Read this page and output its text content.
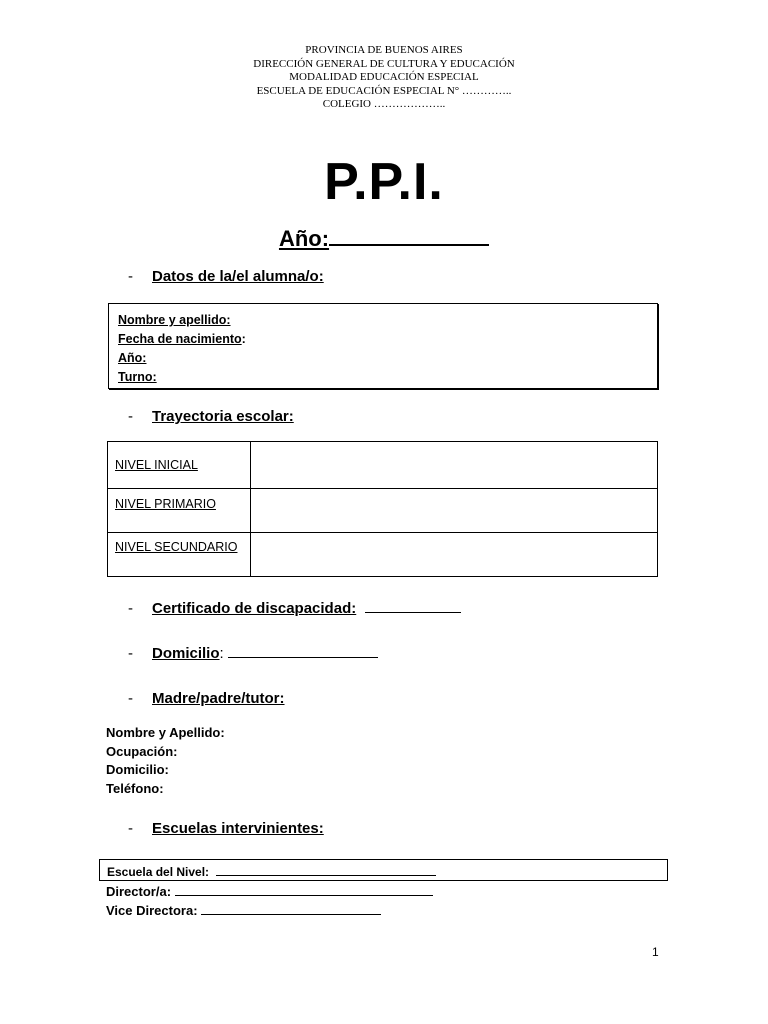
PROVINCIA DE BUENOS AIRES
DIRECCIÓN GENERAL DE CULTURA Y EDUCACIÓN
MODALIDAD EDUCACIÓN ESPECIAL
ESCUELA DE EDUCACIÓN ESPECIAL N° …………..
COLEGIO ………………..
P.P.I.
Año:
- Datos de la/el alumna/o:
Nombre y apellido:
Fecha de nacimiento:
Año:
Turno:
- Trayectoria escolar:
NIVEL INICIAL	
NIVEL PRIMARIO	
NIVEL SECUNDARIO	
- Certificado de discapacidad:
- Domicilio:
- Madre/padre/tutor:
Nombre y Apellido:
Ocupación:
Domicilio:
Teléfono:
- Escuelas intervinientes:
Escuela del Nivel:
Director/a:
Vice Directora:
1
